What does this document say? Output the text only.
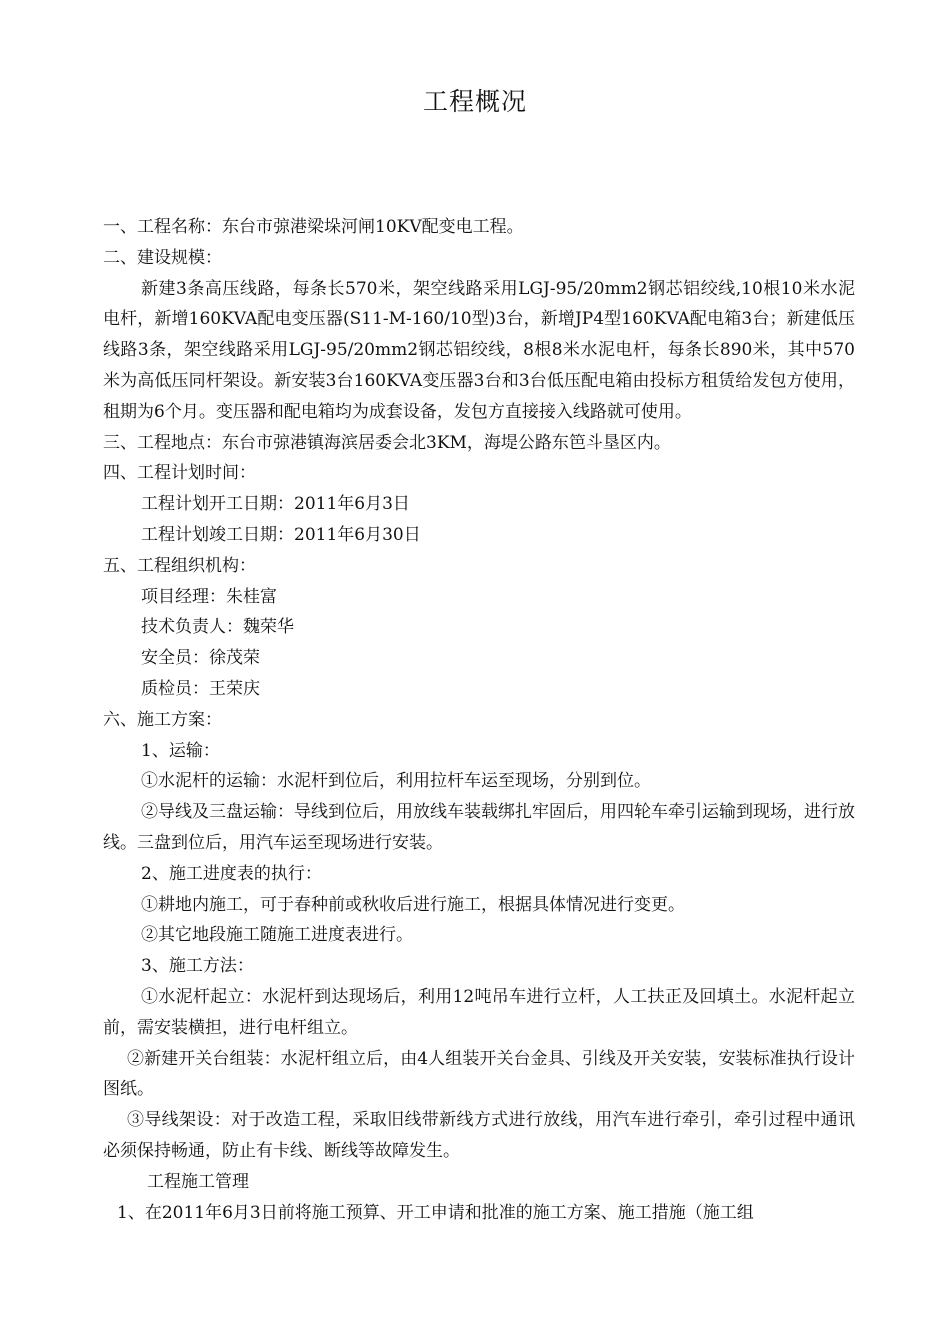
工程概况
一、工程名称：东台市弶港梁垛河闸10KV配变电工程。
二、建设规模：
新建3条高压线路，每条长570米，架空线路采用LGJ-95/20mm2钢芯铝绞线,10根10米水泥电杆，新增160KVA配电变压器(S11-M-160/10型)3台，新增JP4型160KVA配电箱3台；新建低压线路3条，架空线路采用LGJ-95/20mm2钢芯铝绞线，8根8米水泥电杆，每条长890米，其中570米为高低压同杆架设。新安装3台160KVA变压器3台和3台低压配电箱由投标方租赁给发包方使用，租期为6个月。变压器和配电箱均为成套设备，发包方直接接入线路就可使用。
三、工程地点：东台市弶港镇海滨居委会北3KM，海堤公路东笆斗垦区内。
四、工程计划时间：
工程计划开工日期：2011年6月3日
工程计划竣工日期：2011年6月30日
五、工程组织机构：
项目经理：朱桂富
技术负责人：魏荣华
安全员：徐茂荣
质检员：王荣庆
六、施工方案：
1、运输：
①水泥杆的运输：水泥杆到位后，利用拉杆车运至现场，分别到位。
②导线及三盘运输：导线到位后，用放线车装载绑扎牢固后，用四轮车牵引运输到现场，进行放线。三盘到位后，用汽车运至现场进行安装。
2、施工进度表的执行：
①耕地内施工，可于春种前或秋收后进行施工，根据具体情况进行变更。
②其它地段施工随施工进度表进行。
3、施工方法：
①水泥杆起立：水泥杆到达现场后，利用12吨吊车进行立杆，人工扶正及回填土。水泥杆起立前，需安装横担，进行电杆组立。
②新建开关台组装：水泥杆组立后，由4人组装开关台金具、引线及开关安装，安装标准执行设计图纸。
③导线架设：对于改造工程，采取旧线带新线方式进行放线，用汽车进行牵引，牵引过程中通讯必须保持畅通，防止有卡线、断线等故障发生。
工程施工管理
1、在2011年6月3日前将施工预算、开工申请和批准的施工方案、施工措施（施工组
